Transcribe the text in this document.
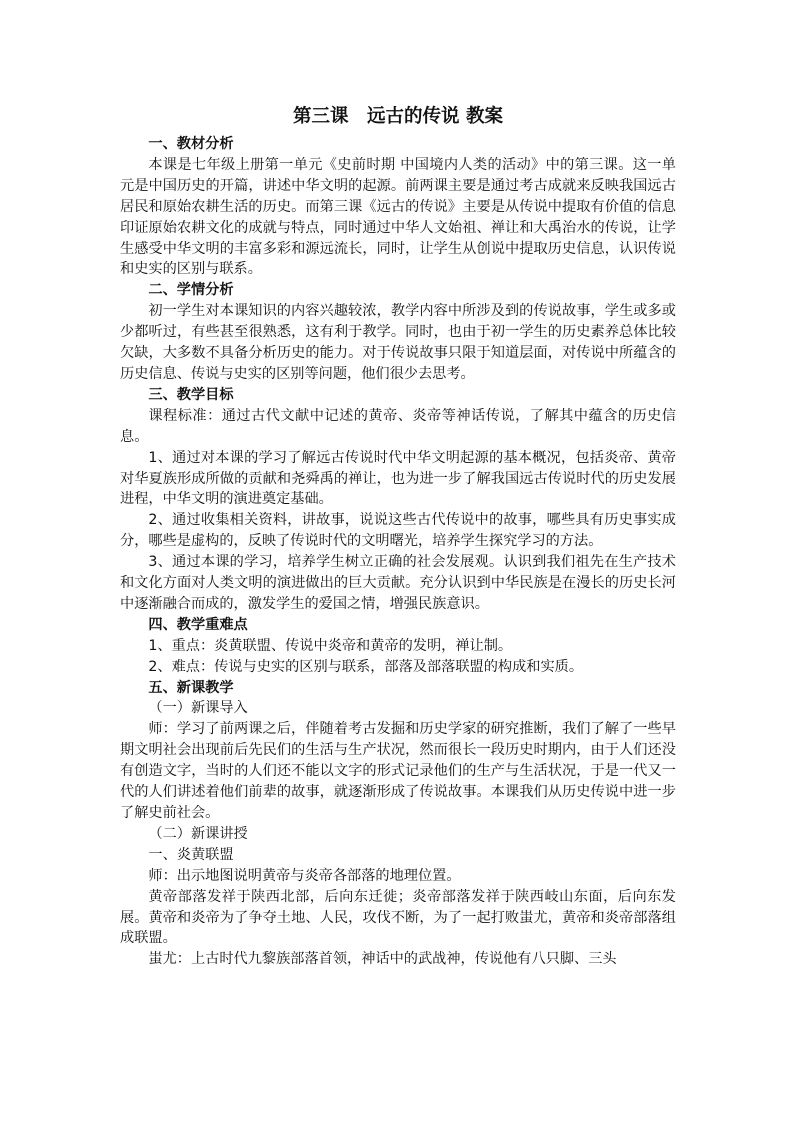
第三课　远古的传说 教案
一、教材分析
本课是七年级上册第一单元《史前时期 中国境内人类的活动》中的第三课。这一单元是中国历史的开篇，讲述中华文明的起源。前两课主要是通过考古成就来反映我国远古居民和原始农耕生活的历史。而第三课《远古的传说》主要是从传说中提取有价值的信息印证原始农耕文化的成就与特点，同时通过中华人文始祖、禅让和大禹治水的传说，让学生感受中华文明的丰富多彩和源远流长，同时，让学生从创说中提取历史信息，认识传说和史实的区别与联系。
二、学情分析
初一学生对本课知识的内容兴趣较浓，教学内容中所涉及到的传说故事，学生或多或少都听过，有些甚至很熟悉，这有利于教学。同时，也由于初一学生的历史素养总体比较欠缺，大多数不具备分析历史的能力。对于传说故事只限于知道层面，对传说中所蕴含的历史信息、传说与史实的区别等问题，他们很少去思考。
三、教学目标
课程标准：通过古代文献中记述的黄帝、炎帝等神话传说，了解其中蕴含的历史信息。
1、通过对本课的学习了解远古传说时代中华文明起源的基本概况，包括炎帝、黄帝对华夏族形成所做的贡献和尧舜禹的禅让，也为进一步了解我国远古传说时代的历史发展进程，中华文明的演进奠定基础。
2、通过收集相关资料，讲故事，说说这些古代传说中的故事，哪些具有历史事实成分，哪些是虚构的，反映了传说时代的文明曙光，培养学生探究学习的方法。
3、通过本课的学习，培养学生树立正确的社会发展观。认识到我们祖先在生产技术和文化方面对人类文明的演进做出的巨大贡献。充分认识到中华民族是在漫长的历史长河中逐渐融合而成的，激发学生的爱国之情，增强民族意识。
四、教学重难点
1、重点：炎黄联盟、传说中炎帝和黄帝的发明，禅让制。
2、难点：传说与史实的区别与联系，部落及部落联盟的构成和实质。
五、新课教学
（一）新课导入
师：学习了前两课之后，伴随着考古发掘和历史学家的研究推断，我们了解了一些早期文明社会出现前后先民们的生活与生产状况，然而很长一段历史时期内，由于人们还没有创造文字，当时的人们还不能以文字的形式记录他们的生产与生活状况，于是一代又一代的人们讲述着他们前辈的故事，就逐渐形成了传说故事。本课我们从历史传说中进一步了解史前社会。
（二）新课讲授
一、炎黄联盟
师：出示地图说明黄帝与炎帝各部落的地理位置。
黄帝部落发祥于陕西北部，后向东迁徙；炎帝部落发祥于陕西岐山东面，后向东发展。黄帝和炎帝为了争夺土地、人民，攻伐不断，为了一起打败蚩尤，黄帝和炎帝部落组成联盟。
蚩尤：上古时代九黎族部落首领，神话中的武战神，传说他有八只脚、三头
